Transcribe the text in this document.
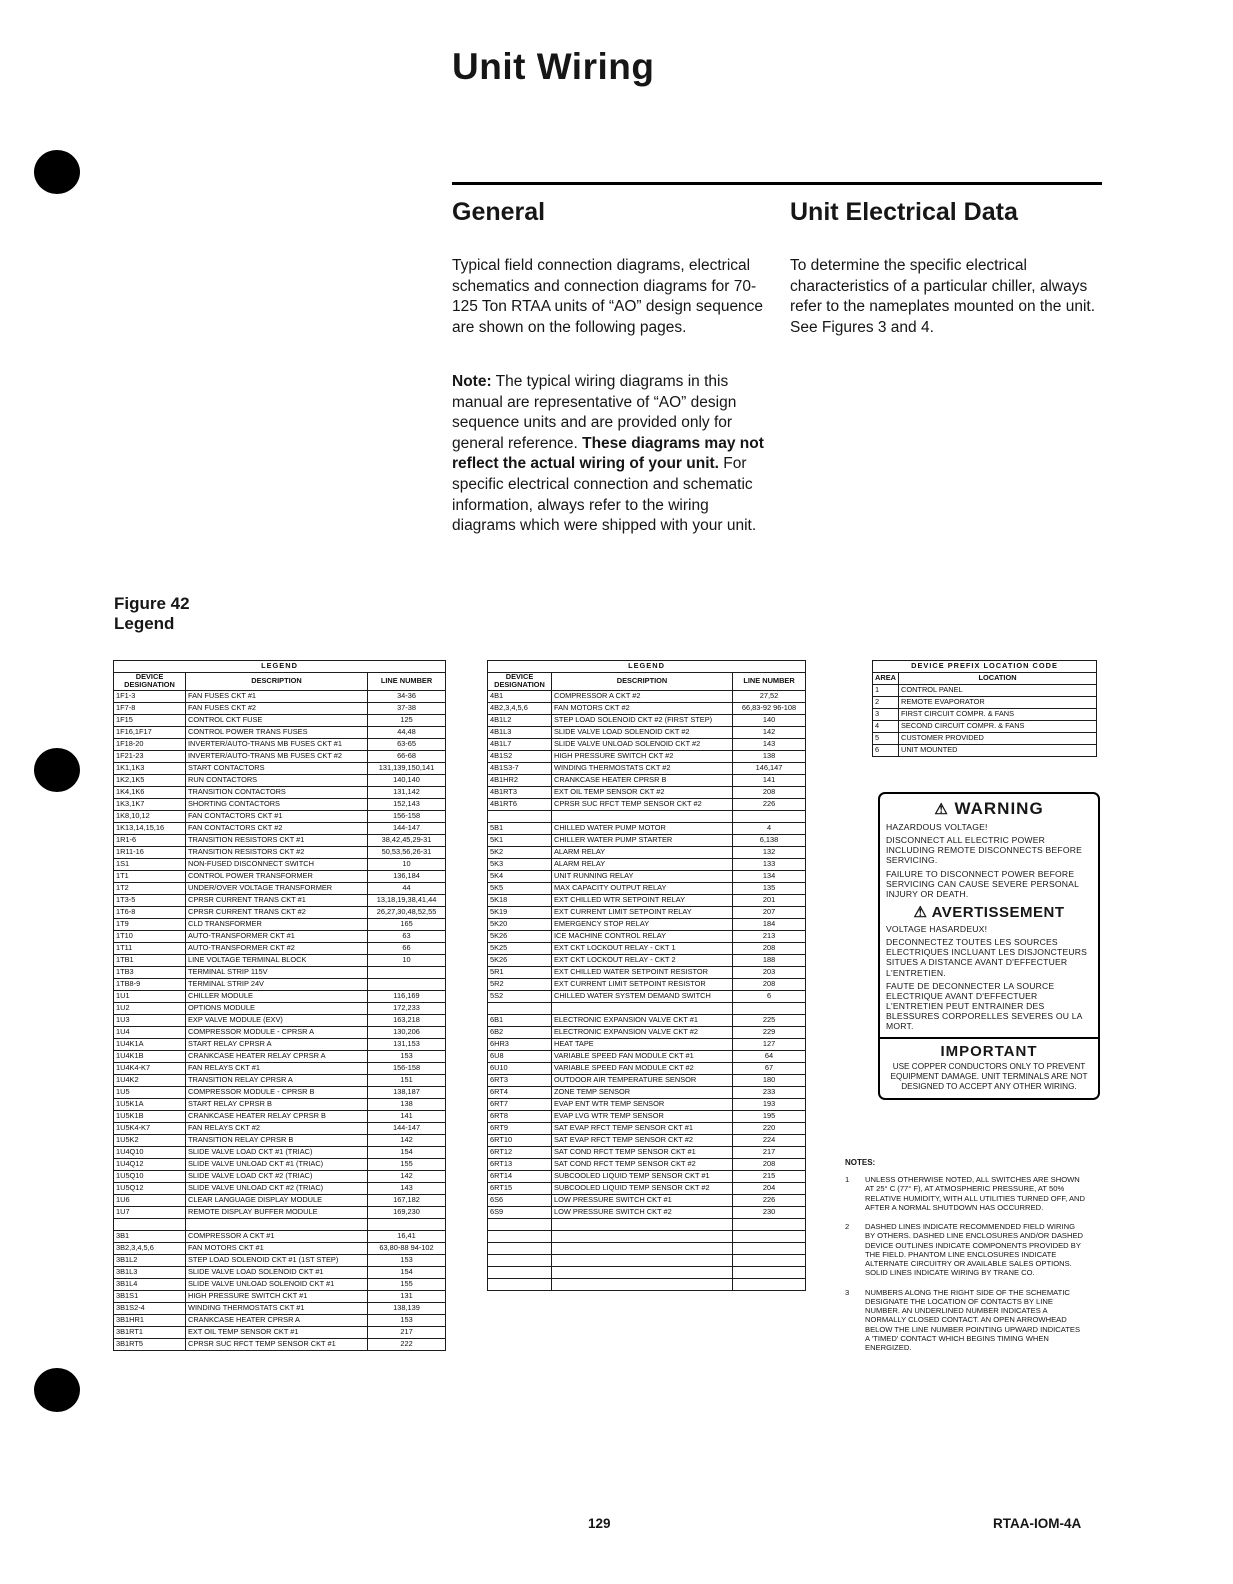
Unit Wiring
General	Unit Electrical Data
Typical field connection diagrams, electrical schematics and connection diagrams for 70-125 Ton RTAA units of “AO” design sequence are shown on the following pages.
Note: The typical wiring diagrams in this manual are representative of “AO” design sequence units and are provided only for general reference. These diagrams may not reflect the actual wiring of your unit. For specific electrical connection and schematic information, always refer to the wiring diagrams which were shipped with your unit.
To determine the specific electrical characteristics of a particular chiller, always refer to the nameplates mounted on the unit. See Figures 3 and 4.
Figure 42
Legend
LEGEND		
DEVICE DESIGNATION	DESCRIPTION	LINE NUMBER
1F1-3	FAN FUSES CKT #1	34-36
1F7-8	FAN FUSES CKT #2	37-38
1F15	CONTROL CKT FUSE	125
1F16,1F17	CONTROL POWER TRANS FUSES	44,48
1F18-20	INVERTER/AUTO-TRANS MB FUSES CKT #1	63-65
1F21-23	INVERTER/AUTO-TRANS MB FUSES CKT #2	66-68
1K1,1K3	START CONTACTORS	131,139,150,141
1K2,1K5	RUN CONTACTORS	140,140
1K4,1K6	TRANSITION CONTACTORS	131,142
1K3,1K7	SHORTING CONTACTORS	152,143
1K8,10,12	FAN CONTACTORS CKT #1	156-158
1K13,14,15,16	FAN CONTACTORS CKT #2	144-147
1R1-6	TRANSITION RESISTORS CKT #1	38,42,45,29-31
1R11-16	TRANSITION RESISTORS CKT #2	50,53,56,26-31
1S1	NON-FUSED DISCONNECT SWITCH	10
1T1	CONTROL POWER TRANSFORMER	136,184
1T2	UNDER/OVER VOLTAGE TRANSFORMER	44
1T3-5	CPRSR CURRENT TRANS CKT #1	13,18,19,38,41,44
1T6-8	CPRSR CURRENT TRANS CKT #2	26,27,30,48,52,55
1T9	CLD TRANSFORMER	165
1T10	AUTO-TRANSFORMER CKT #1	63
1T11	AUTO-TRANSFORMER CKT #2	66
1TB1	LINE VOLTAGE TERMINAL BLOCK	10
1TB3	TERMINAL STRIP 115V	
1TB8-9	TERMINAL STRIP 24V	
1U1	CHILLER MODULE	116,169
1U2	OPTIONS MODULE	172,233
1U3	EXP VALVE MODULE (EXV)	163,218
1U4	COMPRESSOR MODULE - CPRSR A	130,206
1U4K1A	START RELAY CPRSR A	131,153
1U4K1B	CRANKCASE HEATER RELAY CPRSR A	153
1U4K4-K7	FAN RELAYS CKT #1	156-158
1U4K2	TRANSITION RELAY CPRSR A	151
1U5	COMPRESSOR MODULE - CPRSR B	138,187
1U5K1A	START RELAY CPRSR B	138
1U5K1B	CRANKCASE HEATER RELAY CPRSR B	141
1U5K4-K7	FAN RELAYS CKT #2	144-147
1U5K2	TRANSITION RELAY CPRSR B	142
1U4Q10	SLIDE VALVE LOAD CKT #1 (TRIAC)	154
1U4Q12	SLIDE VALVE UNLOAD CKT #1 (TRIAC)	155
1U5Q10	SLIDE VALVE LOAD CKT #2 (TRIAC)	142
1U5Q12	SLIDE VALVE UNLOAD CKT #2 (TRIAC)	143
1U6	CLEAR LANGUAGE DISPLAY MODULE	167,182
1U7	REMOTE DISPLAY BUFFER MODULE	169,230

3B1	COMPRESSOR A CKT #1	16,41
3B2,3,4,5,6	FAN MOTORS CKT #1	63,80-88 94-102
3B1L2	STEP LOAD SOLENOID CKT #1 (1ST STEP)	153
3B1L3	SLIDE VALVE LOAD SOLENOID CKT #1	154
3B1L4	SLIDE VALVE UNLOAD SOLENOID CKT #1	155
3B1S1	HIGH PRESSURE SWITCH CKT #1	131
3B1S2-4	WINDING THERMOSTATS CKT #1	138,139
3B1HR1	CRANKCASE HEATER CPRSR A	153
3B1RT1	EXT OIL TEMP SENSOR CKT #1	217
3B1RT5	CPRSR SUC RFCT TEMP SENSOR CKT #1	222
LEGEND		
DEVICE DESIGNATION	DESCRIPTION	LINE NUMBER
4B1	COMPRESSOR A CKT #2	27,52
4B2,3,4,5,6	FAN MOTORS CKT #2	66,83-92 96-108
4B1L2	STEP LOAD SOLENOID CKT #2 (FIRST STEP)	140
4B1L3	SLIDE VALVE LOAD SOLENOID CKT #2	142
4B1L7	SLIDE VALVE UNLOAD SOLENOID CKT #2	143
4B1S2	HIGH PRESSURE SWITCH CKT #2	138
4B1S3-7	WINDING THERMOSTATS CKT #2	146,147
4B1HR2	CRANKCASE HEATER CPRSR B	141
4B1RT3	EXT OIL TEMP SENSOR CKT #2	208
4B1RT6	CPRSR SUC RFCT TEMP SENSOR CKT #2	226

5B1	CHILLED WATER PUMP MOTOR	4
5K1	CHILLER WATER PUMP STARTER	6,138
5K2	ALARM RELAY	132
5K3	ALARM RELAY	133
5K4	UNIT RUNNING RELAY	134
5K5	MAX CAPACITY OUTPUT RELAY	135
5K18	EXT CHILLED WTR SETPOINT RELAY	201
5K19	EXT CURRENT LIMIT SETPOINT RELAY	207
5K20	EMERGENCY STOP RELAY	184
5K26	ICE MACHINE CONTROL RELAY	213
5K25	EXT CKT LOCKOUT RELAY - CKT 1	208
5K26	EXT CKT LOCKOUT RELAY - CKT 2	188
5R1	EXT CHILLED WATER SETPOINT RESISTOR	203
5R2	EXT CURRENT LIMIT SETPOINT RESISTOR	208
5S2	CHILLED WATER SYSTEM DEMAND SWITCH	6

6B1	ELECTRONIC EXPANSION VALVE CKT #1	225
6B2	ELECTRONIC EXPANSION VALVE CKT #2	229
6HR3	HEAT TAPE	127
6U8	VARIABLE SPEED FAN MODULE CKT #1	64
6U10	VARIABLE SPEED FAN MODULE CKT #2	67
6RT3	OUTDOOR AIR TEMPERATURE SENSOR	180
6RT4	ZONE TEMP SENSOR	233
6RT7	EVAP ENT WTR TEMP SENSOR	193
6RT8	EVAP LVG WTR TEMP SENSOR	195
6RT9	SAT EVAP RFCT TEMP SENSOR CKT #1	220
6RT10	SAT EVAP RFCT TEMP SENSOR CKT #2	224
6RT12	SAT COND RFCT TEMP SENSOR CKT #1	217
6RT13	SAT COND RFCT TEMP SENSOR CKT #2	208
6RT14	SUBCOOLED LIQUID TEMP SENSOR CKT #1	215
6RT15	SUBCOOLED LIQUID TEMP SENSOR CKT #2	204
6S6	LOW PRESSURE SWITCH CKT #1	226
6S9	LOW PRESSURE SWITCH CKT #2	230

DEVICE PREFIX LOCATION CODE	
AREA	LOCATION
1	CONTROL PANEL
2	REMOTE EVAPORATOR
3	FIRST CIRCUIT COMPR. & FANS
4	SECOND CIRCUIT COMPR. & FANS
5	CUSTOMER PROVIDED
6	UNIT MOUNTED
⚠ WARNING

HAZARDOUS VOLTAGE!

DISCONNECT ALL ELECTRIC POWER INCLUDING REMOTE DISCONNECTS BEFORE SERVICING.

FAILURE TO DISCONNECT POWER BEFORE SERVICING CAN CAUSE SEVERE PERSONAL INJURY OR DEATH.

⚠ AVERTISSEMENT

VOLTAGE HASARDEUX!

DECONNECTEZ TOUTES LES SOURCES ELECTRIQUES INCLUANT LES DISJONCTEURS SITUES A DISTANCE AVANT D'EFFECTUER L'ENTRETIEN.

FAUTE DE DECONNECTER LA SOURCE ELECTRIQUE AVANT D'EFFECTUER L'ENTRETIEN PEUT ENTRAINER DES BLESSURES CORPORELLES SEVERES OU LA MORT.

IMPORTANT
USE COPPER CONDUCTORS ONLY TO PREVENT EQUIPMENT DAMAGE. UNIT TERMINALS ARE NOT DESIGNED TO ACCEPT ANY OTHER WIRING.
NOTES:
1	UNLESS OTHERWISE NOTED, ALL SWITCHES ARE SHOWN AT 25° C (77° F), AT ATMOSPHERIC PRESSURE, AT 50% RELATIVE HUMIDITY, WITH ALL UTILITIES TURNED OFF, AND AFTER A NORMAL SHUTDOWN HAS OCCURRED.
2	DASHED LINES INDICATE RECOMMENDED FIELD WIRING BY OTHERS. DASHED LINE ENCLOSURES AND/OR DASHED DEVICE OUTLINES INDICATE COMPONENTS PROVIDED BY THE FIELD. PHANTOM LINE ENCLOSURES INDICATE ALTERNATE CIRCUITRY OR AVAILABLE SALES OPTIONS. SOLID LINES INDICATE WIRING BY TRANE CO.
3	NUMBERS ALONG THE RIGHT SIDE OF THE SCHEMATIC DESIGNATE THE LOCATION OF CONTACTS BY LINE NUMBER. AN UNDERLINED NUMBER INDICATES A NORMALLY CLOSED CONTACT. AN OPEN ARROWHEAD BELOW THE LINE NUMBER POINTING UPWARD INDICATES A 'TIMED' CONTACT WHICH BEGINS TIMING WHEN ENERGIZED.
129	RTAA-IOM-4A
